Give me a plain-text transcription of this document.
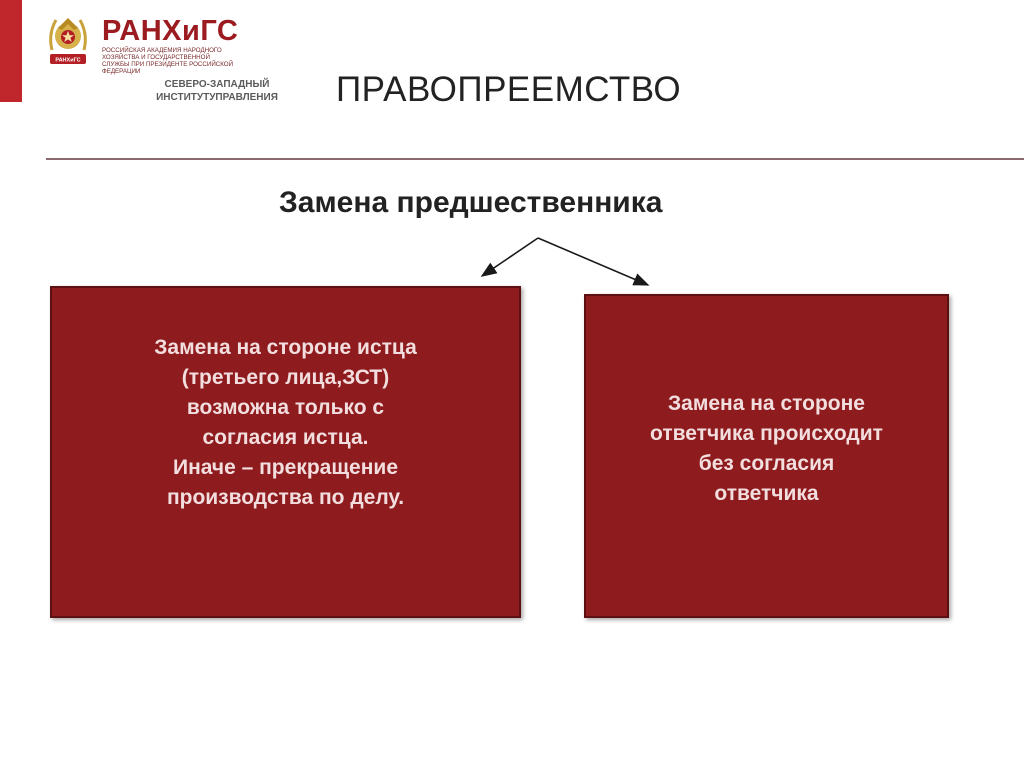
РАНХиГС
РАНХиГС
РОССИЙСКАЯ АКАДЕМИЯ НАРОДНОГО ХОЗЯЙСТВА И ГОСУДАРСТВЕННОЙ СЛУЖБЫ ПРИ ПРЕЗИДЕНТЕ РОССИЙСКОЙ ФЕДЕРАЦИИ
СЕВЕРО-ЗАПАДНЫЙ
ИНСТИТУТУПРАВЛЕНИЯ ПРАВОПРЕЕМСТВО
Замена предшественника
Замена на стороне истца
(третьего лица,ЗСТ)
возможна только с
согласия истца.
Иначе – прекращение
производства по делу.
Замена на стороне
ответчика происходит
без согласия
ответчика
